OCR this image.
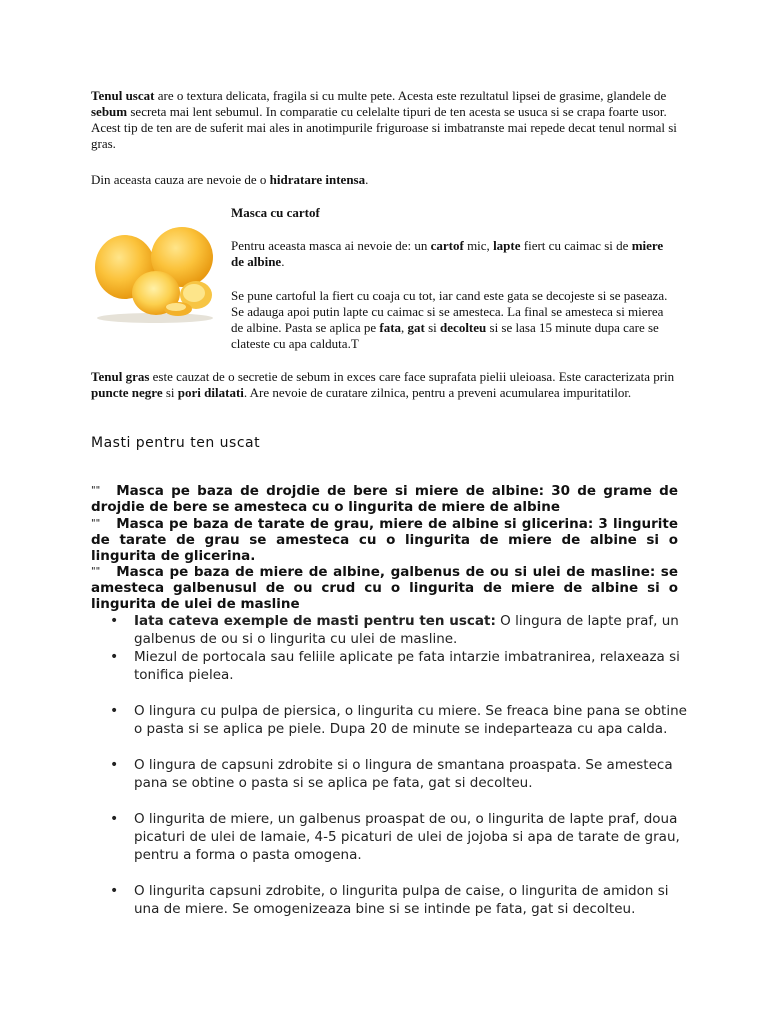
Tenul uscat are o textura delicata, fragila si cu multe pete. Acesta este rezultatul lipsei de grasime, glandele de sebum secreta mai lent sebumul. In comparatie cu celelalte tipuri de ten acesta se usuca si se crapa foarte usor. Acest tip de ten are de suferit mai ales in anotimpurile friguroase si imbatranste mai repede decat tenul normal si gras.

Din aceasta cauza are nevoie de o hidratare intensa.

Masca cu cartof

Pentru aceasta masca ai nevoie de: un cartof mic, lapte fiert cu caimac si de miere de albine.

Se pune cartoful la fiert cu coaja cu tot, iar cand este gata se decojeste si se paseaza. Se adauga apoi putin lapte cu caimac si se amesteca. La final se amesteca si mierea de albine. Pasta se aplica pe fata, gat si decolteu si se lasa 15 minute dupa care se clateste cu apa calduta.T

Tenul gras este cauzat de o secretie de sebum in exces care face suprafata pielii uleioasa. Este caracterizata prin puncte negre si pori dilatati. Are nevoie de curatare zilnica, pentru a preveni acumularea impuritatilor.

Masti pentru ten uscat

"" Masca pe baza de drojdie de bere si miere de albine: 30 de grame de drojdie de bere se amesteca cu o lingurita de miere de albine

"" Masca pe baza de tarate de grau, miere de albine si glicerina: 3 lingurite de tarate de grau se amesteca cu o lingurita de miere de albine si o lingurita de glicerina.

"" Masca pe baza de miere de albine, galbenus de ou si ulei de masline: se amesteca galbenusul de ou crud cu o lingurita de miere de albine si o lingurita de ulei de masline

• Iata cateva exemple de masti pentru ten uscat: O lingura de lapte praf, un galbenus de ou si o lingurita cu ulei de masline.
• Miezul de portocala sau feliile aplicate pe fata intarzie imbatranirea, relaxeaza si tonifica pielea.
• O lingura cu pulpa de piersica, o lingurita cu miere. Se freaca bine pana se obtine o pasta si se aplica pe piele. Dupa 20 de minute se indeparteaza cu apa calda.
• O lingura de capsuni zdrobite si o lingura de smantana proaspata. Se amesteca pana se obtine o pasta si se aplica pe fata, gat si decolteu.
• O lingurita de miere, un galbenus proaspat de ou, o lingurita de lapte praf, doua picaturi de ulei de lamaie, 4-5 picaturi de ulei de jojoba si apa de tarate de grau, pentru a forma o pasta omogena.
• O lingurita capsuni zdrobite, o lingurita pulpa de caise, o lingurita de amidon si una de miere. Se omogenizeaza bine si se intinde pe fata, gat si decolteu.
